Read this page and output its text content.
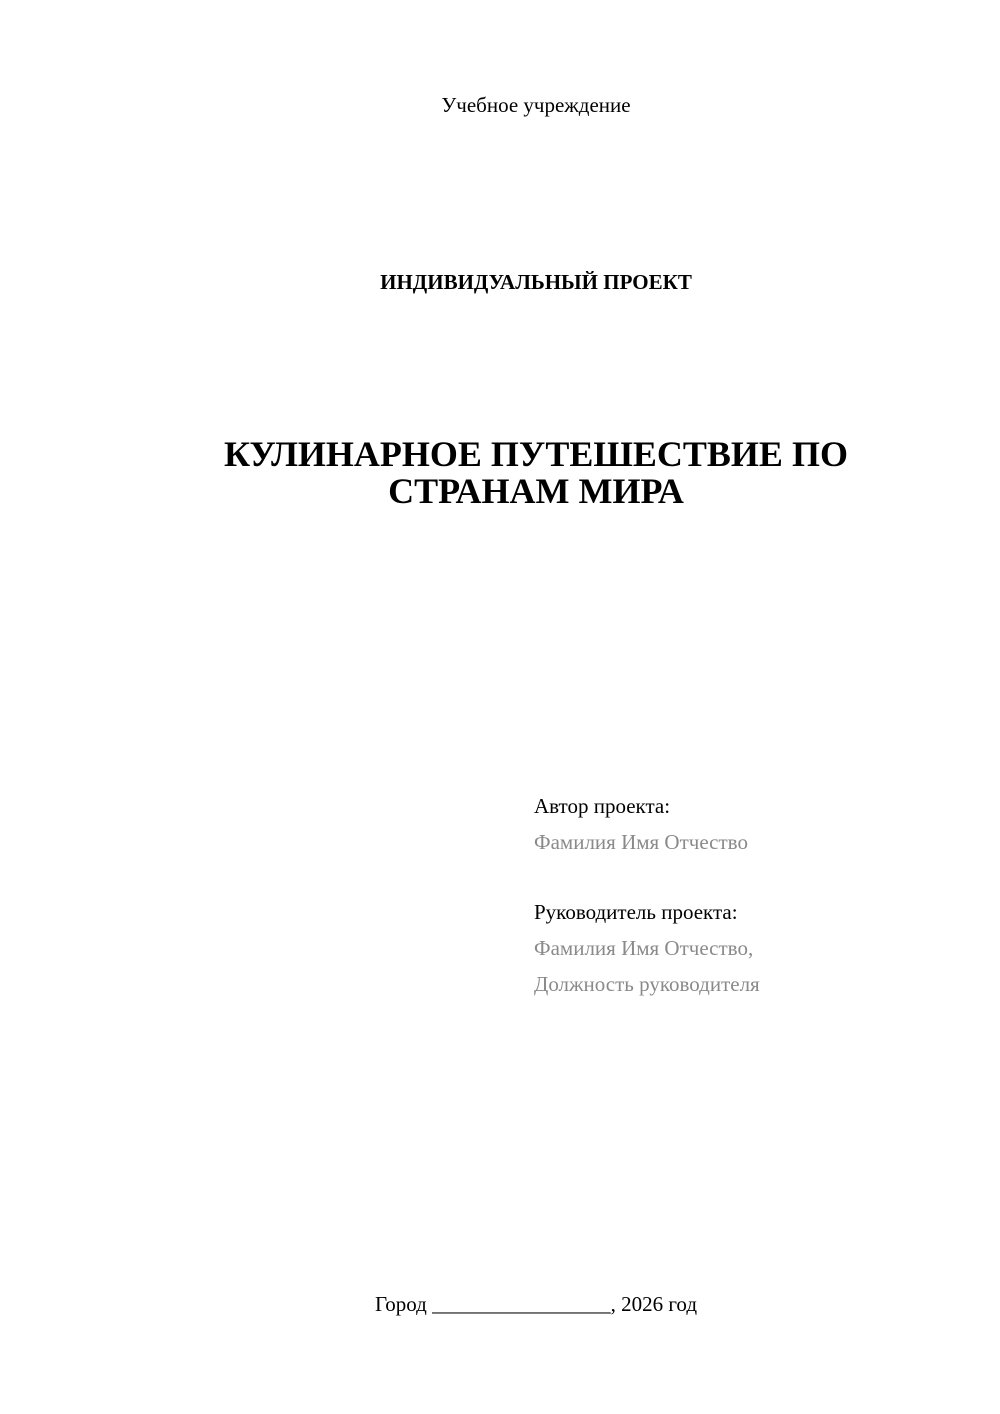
Учебное учреждение
ИНДИВИДУАЛЬНЫЙ ПРОЕКТ
КУЛИНАРНОЕ ПУТЕШЕСТВИЕ ПО
СТРАНАМ МИРА
Автор проекта:
Фамилия Имя Отчество
Руководитель проекта:
Фамилия Имя Отчество,
Должность руководителя
Город _________________, 2026 год
